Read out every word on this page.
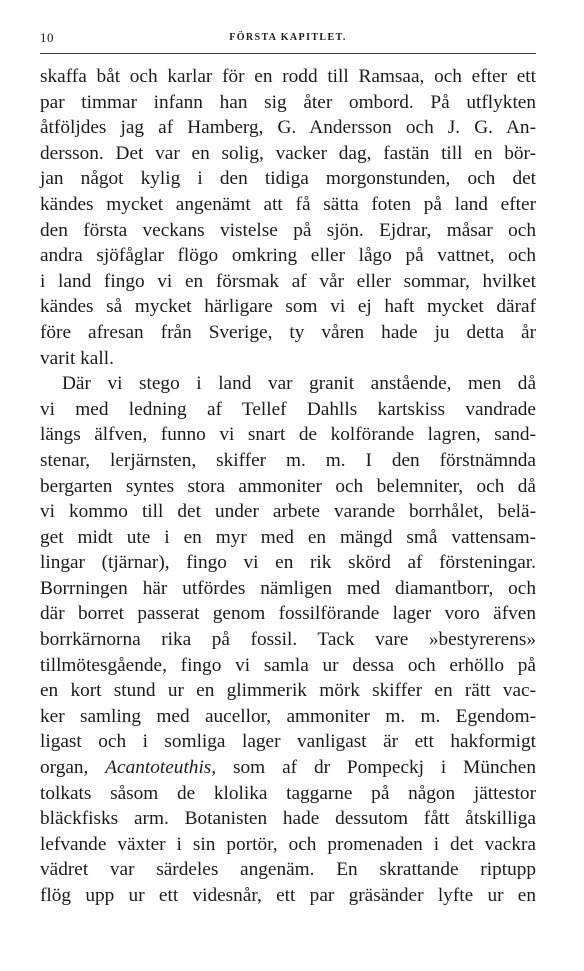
10	FÖRSTA KAPITLET.
skaffa båt och karlar för en rodd till Ramsaa, och efter ett
par timmar infann han sig åter ombord. På utflykten
åtföljdes jag af Hamberg, G. Andersson och J. G. An-
dersson. Det var en solig, vacker dag, fastän till en bör-
jan något kylig i den tidiga morgonstunden, och det
kändes mycket angenämt att få sätta foten på land efter
den första veckans vistelse på sjön. Ejdrar, måsar och
andra sjöfåglar flögo omkring eller lågo på vattnet, och
i land fingo vi en försmak af vår eller sommar, hvilket
kändes så mycket härligare som vi ej haft mycket däraf
före afresan från Sverige, ty våren hade ju detta år
varit kall.
Där vi stego i land var granit anstående, men då
vi med ledning af Tellef Dahlls kartskiss vandrade
längs älfven, funno vi snart de kolförande lagren, sand-
stenar, lerjärnsten, skiffer m. m. I den förstnämnda
bergarten syntes stora ammoniter och belemniter, och då
vi kommo till det under arbete varande borrhålet, belä-
get midt ute i en myr med en mängd små vattensam-
lingar (tjärnar), fingo vi en rik skörd af försteningar.
Borrningen här utfördes nämligen med diamantborr, och
där borret passerat genom fossilförande lager voro äfven
borrkärnorna rika på fossil. Tack vare »bestyrerens»
tillmötesgående, fingo vi samla ur dessa och erhöllo på
en kort stund ur en glimmerik mörk skiffer en rätt vac-
ker samling med aucellor, ammoniter m. m. Egendom-
ligast och i somliga lager vanligast är ett hakformigt
organ, Acantoteuthis, som af dr Pompeckj i München
tolkats såsom de klolika taggarne på någon jättestor
bläckfisks arm. Botanisten hade dessutom fått åtskilliga
lefvande växter i sin portör, och promenaden i det vackra
vädret var särdeles angenäm. En skrattande riptupp
flög upp ur ett videsnår, ett par gräsänder lyfte ur en
